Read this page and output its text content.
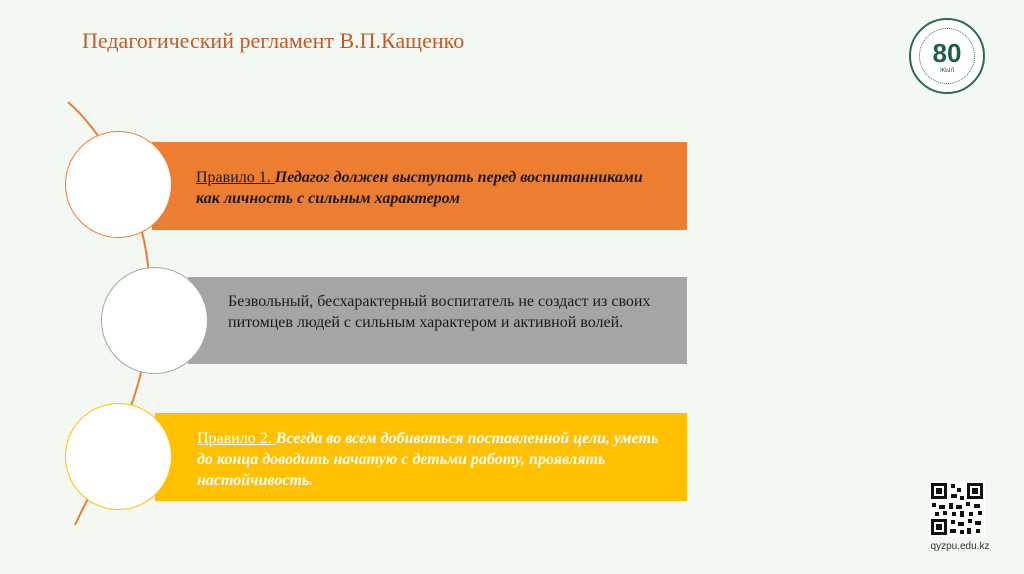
Педагогический регламент В.П.Кащенко
Правило 1. Педагог должен выступать перед воспитанниками как личность с сильным характером
Безвольный, бесхарактерный воспитатель не создаст из своих питомцев людей с сильным характером и активной волей.
Правило 2. Всегда во всем добиваться поставленной цели, уметь до конца доводить начатую с детьми работу, проявлять настойчивость.
80
ЖЫЛ
qyzpu.edu.kz
